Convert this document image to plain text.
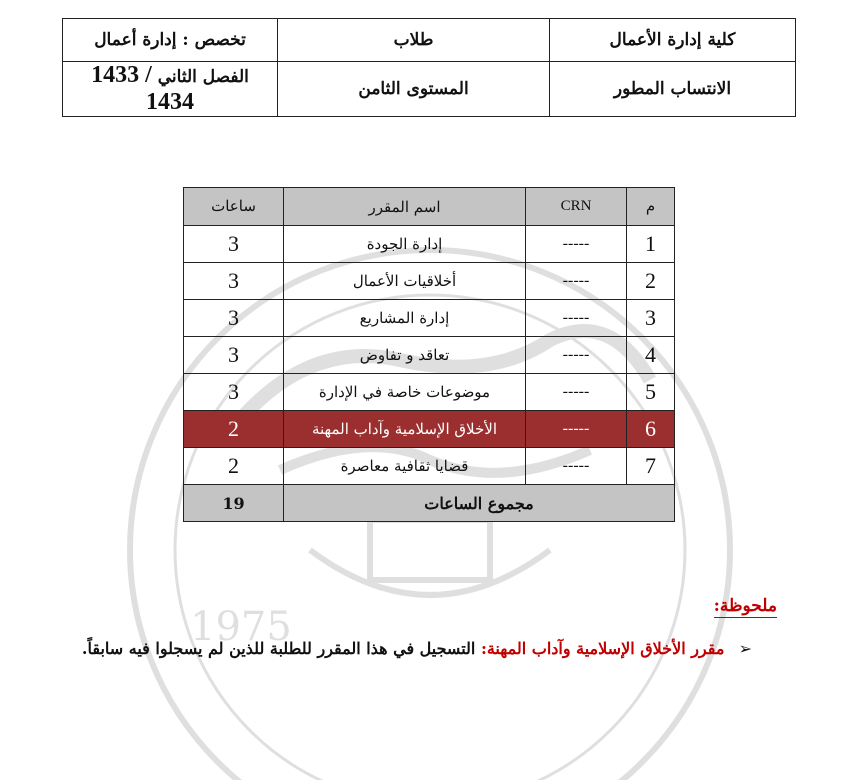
1975
كلية إدارة الأعمال	طلاب	تخصص : إدارة أعمال
الانتساب المطور	المستوى الثامن	الفصل الثاني 1433 / 1434
م	CRN	اسم المقرر	ساعات
1	-----	إدارة الجودة	3
2	-----	أخلاقيات الأعمال	3
3	-----	إدارة المشاريع	3
4	-----	تعاقد و تفاوض	3
5	-----	موضوعات خاصة في الإدارة	3
6	-----	الأخلاق الإسلامية وآداب المهنة	2
7	-----	قضايا ثقافية معاصرة	2
مجموع الساعات			19
ملحوظة:
➢ مقرر الأخلاق الإسلامية وآداب المهنة: التسجيل في هذا المقرر للطلبة للذين لم يسجلوا فيه سابقاً.
